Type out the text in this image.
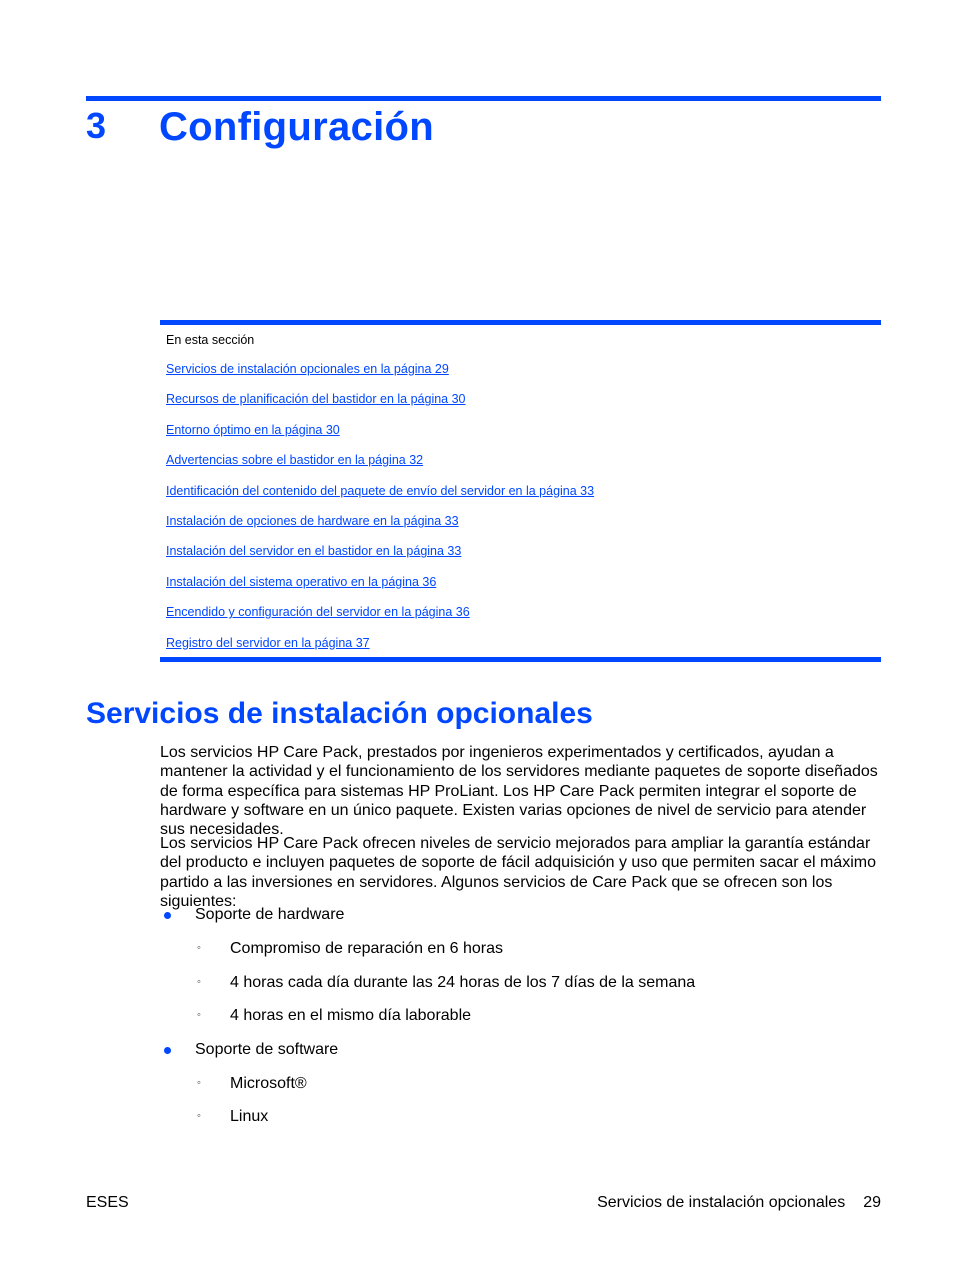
3 Configuración
En esta sección
Servicios de instalación opcionales en la página 29
Recursos de planificación del bastidor en la página 30
Entorno óptimo en la página 30
Advertencias sobre el bastidor en la página 32
Identificación del contenido del paquete de envío del servidor en la página 33
Instalación de opciones de hardware en la página 33
Instalación del servidor en el bastidor en la página 33
Instalación del sistema operativo en la página 36
Encendido y configuración del servidor en la página 36
Registro del servidor en la página 37
Servicios de instalación opcionales

Los servicios HP Care Pack, prestados por ingenieros experimentados y certificados, ayudan a mantener la actividad y el funcionamiento de los servidores mediante paquetes de soporte diseñados de forma específica para sistemas HP ProLiant. Los HP Care Pack permiten integrar el soporte de hardware y software en un único paquete. Existen varias opciones de nivel de servicio para atender sus necesidades.

Los servicios HP Care Pack ofrecen niveles de servicio mejorados para ampliar la garantía estándar del producto e incluyen paquetes de soporte de fácil adquisición y uso que permiten sacar el máximo partido a las inversiones en servidores. Algunos servicios de Care Pack que se ofrecen son los siguientes:

Soporte de hardware
◦ Compromiso de reparación en 6 horas
◦ 4 horas cada día durante las 24 horas de los 7 días de la semana
◦ 4 horas en el mismo día laborable
Soporte de software
◦ Microsoft®
◦ Linux
ESES	Servicios de instalación opcionales 29
